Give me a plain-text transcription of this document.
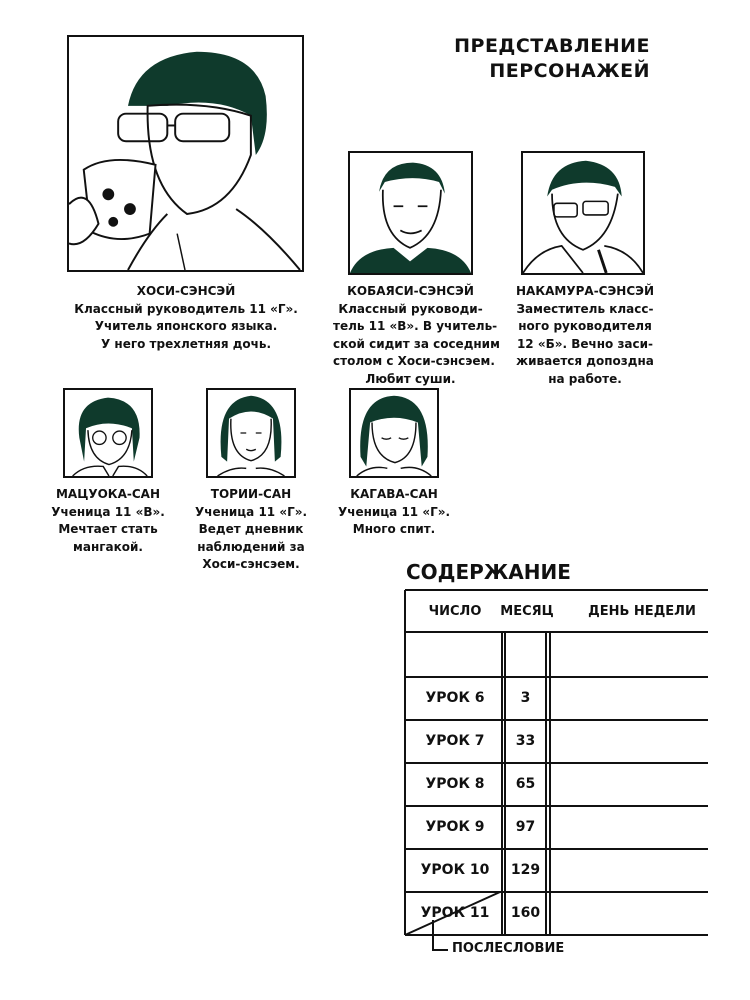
ПРЕДСТАВЛЕНИЕ
ПЕРСОНАЖЕЙ
ХОСИ-СЭНСЭЙ
Классный руководитель 11 «Г».
Учитель японского языка.
У него трехлетняя дочь.
КОБАЯСИ-СЭНСЭЙ
Классный руководи-
тель 11 «В». В учитель-
ской сидит за соседним
столом с Хоси-сэнсэем.
Любит суши.
НАКАМУРА-СЭНСЭЙ
Заместитель класс-
ного руководителя
12 «Б». Вечно заси-
живается допоздна
на работе.
МАЦУОКА-САН
Ученица 11 «В».
Мечтает стать
мангакой.
ТОРИИ-САН
Ученица 11 «Г».
Ведет дневник
наблюдений за
Хоси-сэнсэем.
КАГАВА-САН
Ученица 11 «Г».
Много спит.
СОДЕРЖАНИЕ
ЧИСЛО	МЕСЯЦ	ДЕНЬ НЕДЕЛИ
УРОК 6	3
УРОК 7	33
УРОК 8	65
УРОК 9	97
УРОК 10	129
УРОК 11	160
ПОСЛЕСЛОВИЕ
